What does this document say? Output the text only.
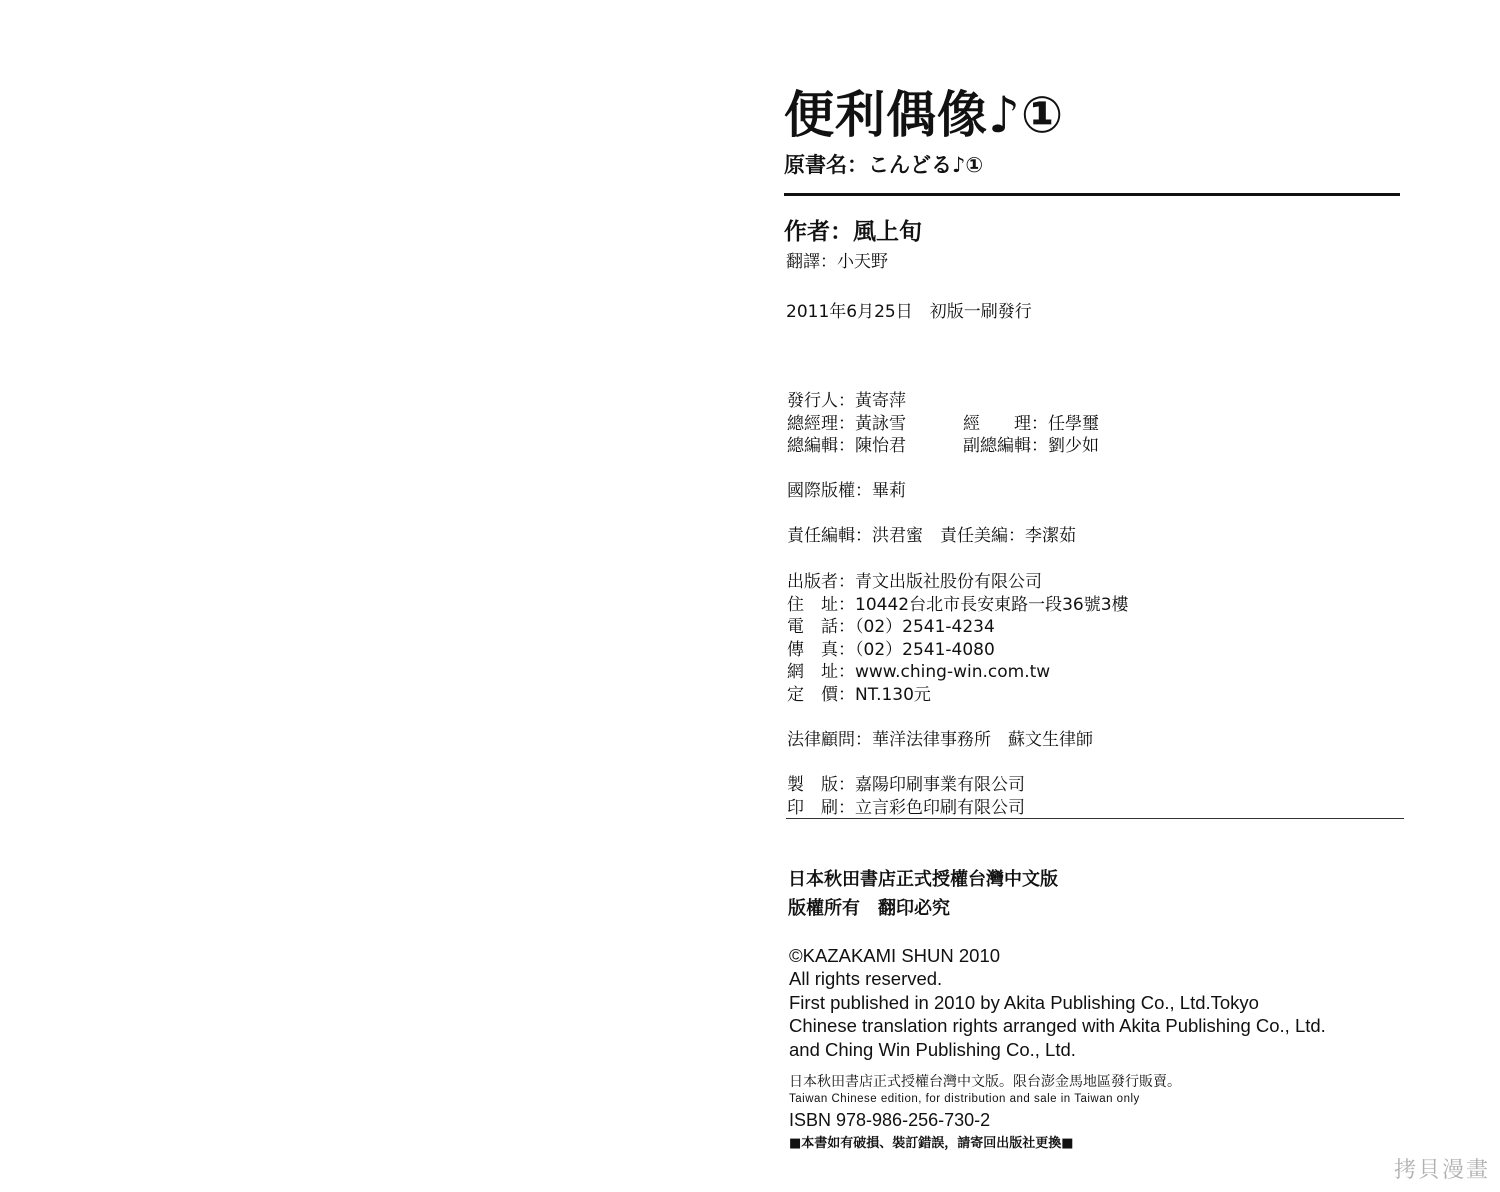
便利偶像♪①
原書名：こんどる♪①
作者：風上旬
翻譯：小天野
2011年6月25日　初版一刷發行
發行人：黃寄萍
總經理：黃詠雪	經　　理：任學璽
總編輯：陳怡君	副總編輯：劉少如
國際版權：畢莉
責任編輯：洪君蜜　 責任美編：李潔茹
出版者：青文出版社股份有限公司
住　址：10442台北市長安東路一段36號3樓
電　話：（02）2541-4234
傳　真：（02）2541-4080
網　址：www.ching-win.com.tw
定　價：NT.130元
法律顧問：華洋法律事務所　蘇文生律師
製　版：嘉陽印刷事業有限公司
印　刷：立言彩色印刷有限公司
日本秋田書店正式授權台灣中文版
版權所有　翻印必究
©KAZAKAMI SHUN 2010
All rights reserved.
First published in 2010 by Akita Publishing Co., Ltd.Tokyo
Chinese translation rights arranged with Akita Publishing Co., Ltd.
and Ching Win Publishing Co., Ltd.
日本秋田書店正式授權台灣中文版。限台澎金馬地區發行販賣。
Taiwan Chinese edition, for distribution and sale in Taiwan only
ISBN 978-986-256-730-2
■本書如有破損、裝訂錯誤，請寄回出版社更換■
拷貝漫畫
